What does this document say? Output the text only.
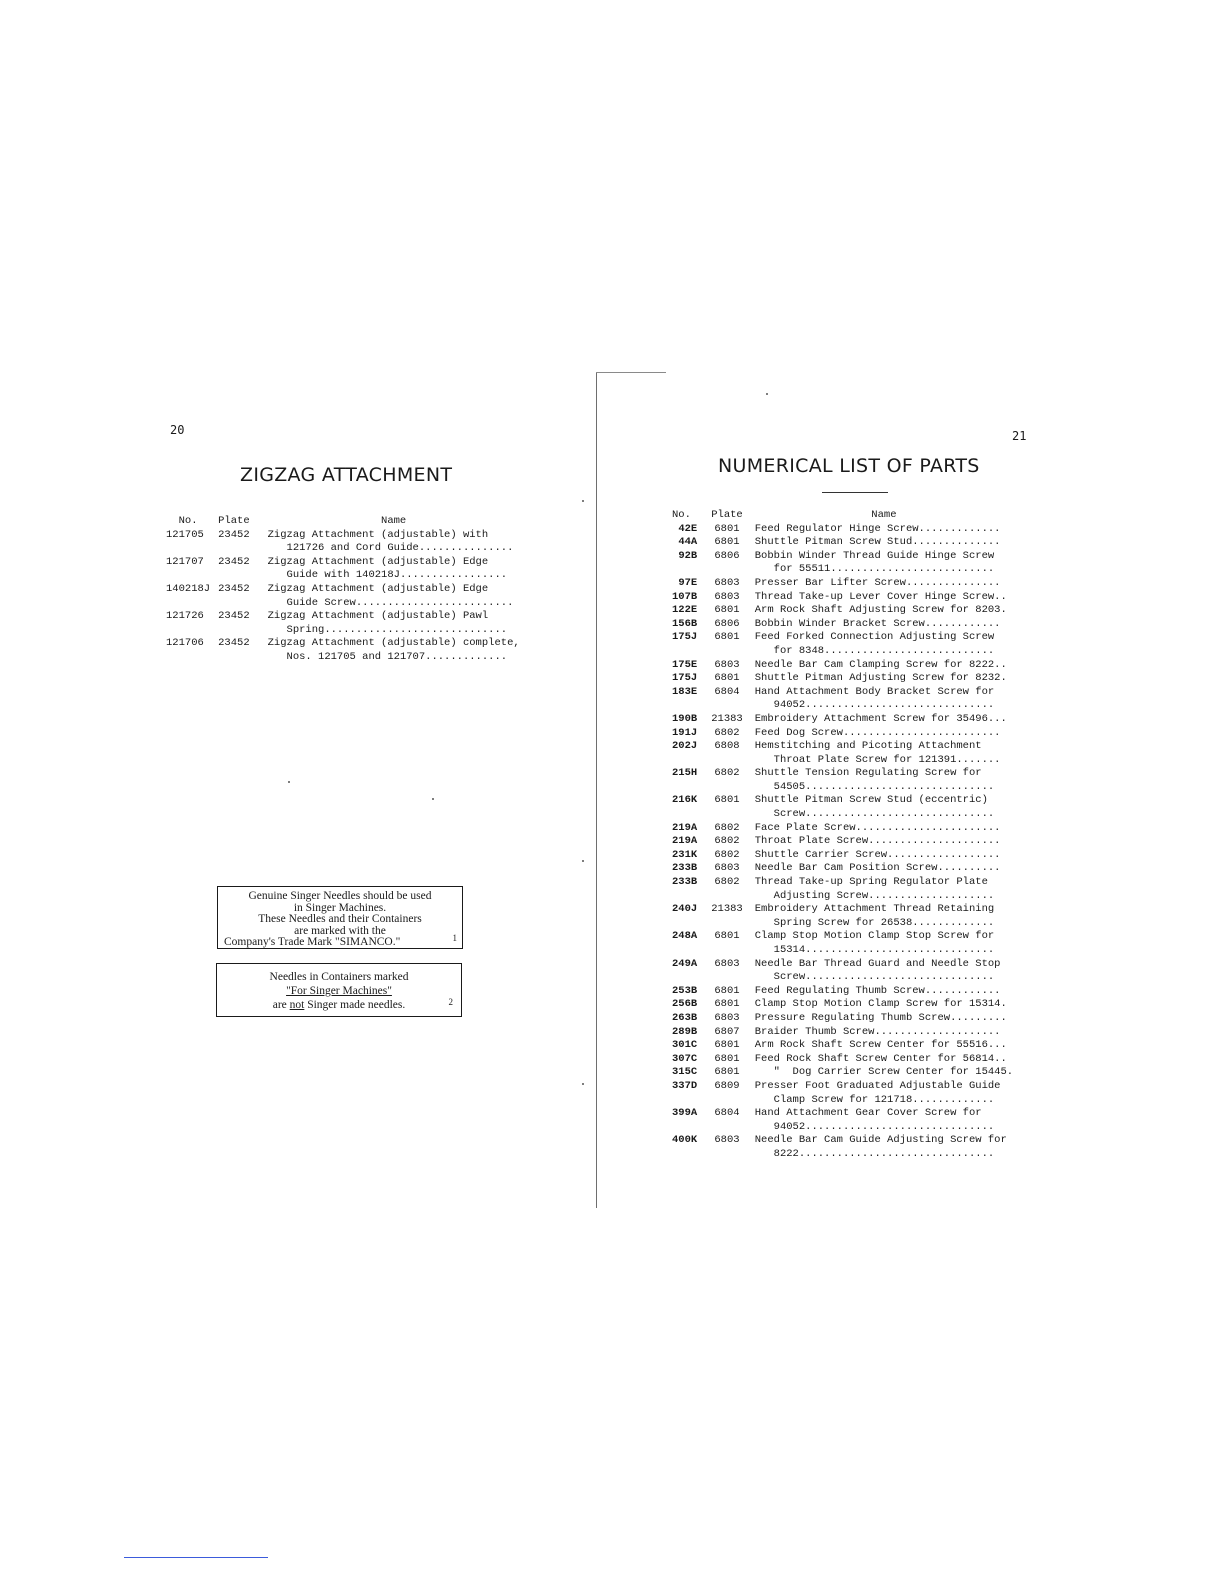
20
ZIGZAG ATTACHMENT
No.	Plate	Name
121705	23452	Zigzag Attachment (adjustable) with
121726 and Cord Guide...............

121707	23452	Zigzag Attachment (adjustable) Edge
Guide with 140218J.................

140218J	23452	Zigzag Attachment (adjustable) Edge
Guide Screw.........................

121726	23452	Zigzag Attachment (adjustable) Pawl
Spring.............................

121706	23452	Zigzag Attachment (adjustable) complete,
Nos. 121705 and 121707.............
Genuine Singer Needles should be used
in Singer Machines.
These Needles and their Containers
are marked with the
Company's Trade Mark "SIMANCO."	1
Needles in Containers marked
"For Singer Machines"
are not Singer made needles.	2
21
NUMERICAL LIST OF PARTS
No.	Plate	Name
42E	6801	Feed Regulator Hinge Screw.............

44A	6801	Shuttle Pitman Screw Stud..............

92B	6806	Bobbin Winder Thread Guide Hinge Screw
for 55511..........................

97E	6803	Presser Bar Lifter Screw...............

107B	6803	Thread Take-up Lever Cover Hinge Screw..

122E	6801	Arm Rock Shaft Adjusting Screw for 8203.

156B	6806	Bobbin Winder Bracket Screw............

175J	6801	Feed Forked Connection Adjusting Screw
for 8348...........................

175E	6803	Needle Bar Cam Clamping Screw for 8222..

175J	6801	Shuttle Pitman Adjusting Screw for 8232.

183E	6804	Hand Attachment Body Bracket Screw for
94052..............................

190B	21383	Embroidery Attachment Screw for 35496...

191J	6802	Feed Dog Screw.........................

202J	6808	Hemstitching and Picoting Attachment
Throat Plate Screw for 121391.......

215H	6802	Shuttle Tension Regulating Screw for
54505..............................

216K	6801	Shuttle Pitman Screw Stud (eccentric)
Screw..............................

219A	6802	Face Plate Screw.......................

219A	6802	Throat Plate Screw.....................

231K	6802	Shuttle Carrier Screw..................

233B	6803	Needle Bar Cam Position Screw..........

233B	6802	Thread Take-up Spring Regulator Plate
Adjusting Screw....................

240J	21383	Embroidery Attachment Thread Retaining
Spring Screw for 26538.............

248A	6801	Clamp Stop Motion Clamp Stop Screw for
15314..............................

249A	6803	Needle Bar Thread Guard and Needle Stop
Screw..............................

253B	6801	Feed Regulating Thumb Screw............

256B	6801	Clamp Stop Motion Clamp Screw for 15314.

263B	6803	Pressure Regulating Thumb Screw.........

289B	6807	Braider Thumb Screw....................

301C	6801	Arm Rock Shaft Screw Center for 55516...

307C	6801	Feed Rock Shaft Screw Center for 56814..

315C	6801	"  Dog Carrier Screw Center for 15445.

337D	6809	Presser Foot Graduated Adjustable Guide
Clamp Screw for 121718.............

399A	6804	Hand Attachment Gear Cover Screw for
94052..............................

400K	6803	Needle Bar Cam Guide Adjusting Screw for
8222...............................
